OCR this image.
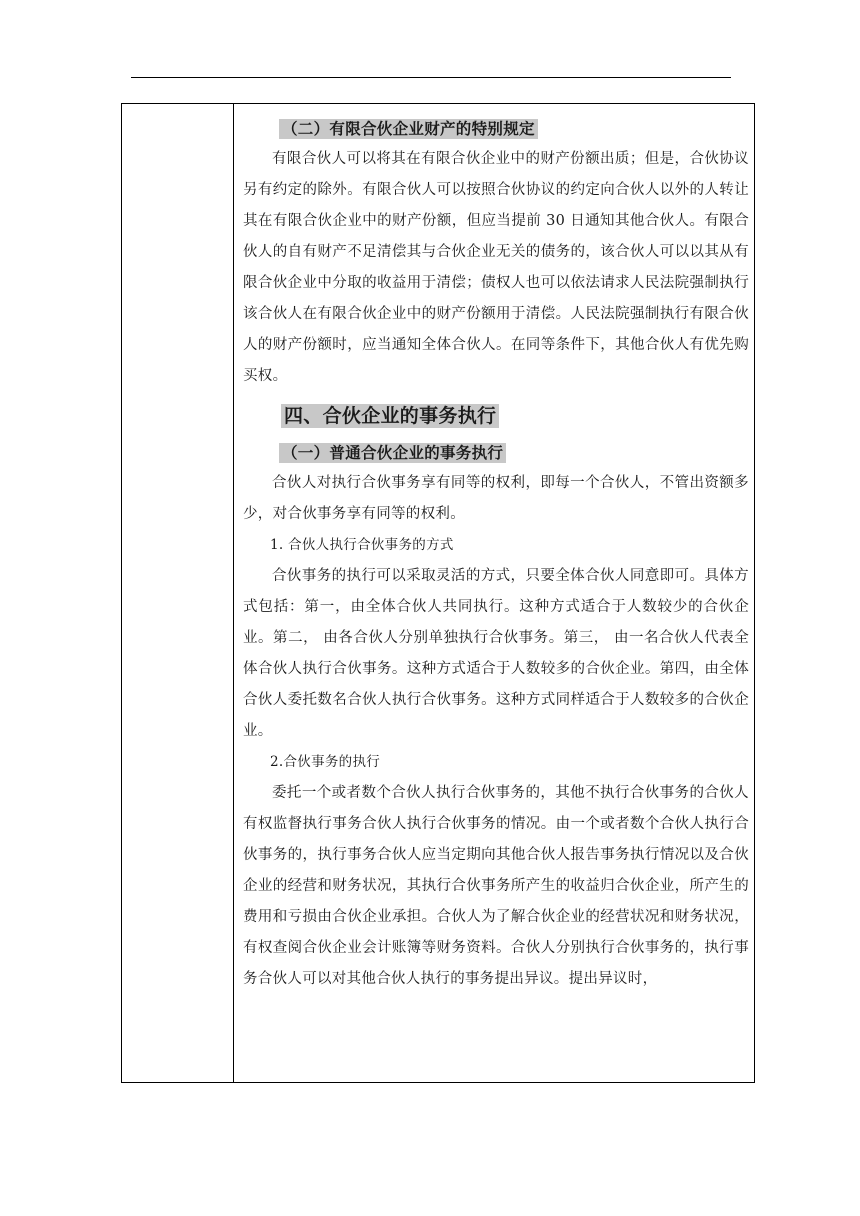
（二）有限合伙企业财产的特别规定

有限合伙人可以将其在有限合伙企业中的财产份额出质；但是，合伙协议另有约定的除外。有限合伙人可以按照合伙协议的约定向合伙人以外的人转让其在有限合伙企业中的财产份额，但应当提前 30 日通知其他合伙人。有限合伙人的自有财产不足清偿其与合伙企业无关的债务的，该合伙人可以以其从有限合伙企业中分取的收益用于清偿；债权人也可以依法请求人民法院强制执行该合伙人在有限合伙企业中的财产份额用于清偿。人民法院强制执行有限合伙人的财产份额时，应当通知全体合伙人。在同等条件下，其他合伙人有优先购买权。

四、合伙企业的事务执行
（一）普通合伙企业的事务执行

合伙人对执行合伙事务享有同等的权利，即每一个合伙人，不管出资额多少，对合伙事务享有同等的权利。

1. 合伙人执行合伙事务的方式

合伙事务的执行可以采取灵活的方式，只要全体合伙人同意即可。具体方式包括：第一，由全体合伙人共同执行。这种方式适合于人数较少的合伙企业。第二， 由各合伙人分别单独执行合伙事务。第三， 由一名合伙人代表全体合伙人执行合伙事务。这种方式适合于人数较多的合伙企业。第四，由全体合伙人委托数名合伙人执行合伙事务。这种方式同样适合于人数较多的合伙企业。

2.合伙事务的执行

委托一个或者数个合伙人执行合伙事务的，其他不执行合伙事务的合伙人有权监督执行事务合伙人执行合伙事务的情况。由一个或者数个合伙人执行合伙事务的，执行事务合伙人应当定期向其他合伙人报告事务执行情况以及合伙企业的经营和财务状况，其执行合伙事务所产生的收益归合伙企业，所产生的费用和亏损由合伙企业承担。合伙人为了解合伙企业的经营状况和财务状况，有权查阅合伙企业会计账簿等财务资料。合伙人分别执行合伙事务的，执行事务合伙人可以对其他合伙人执行的事务提出异议。提出异议时，
